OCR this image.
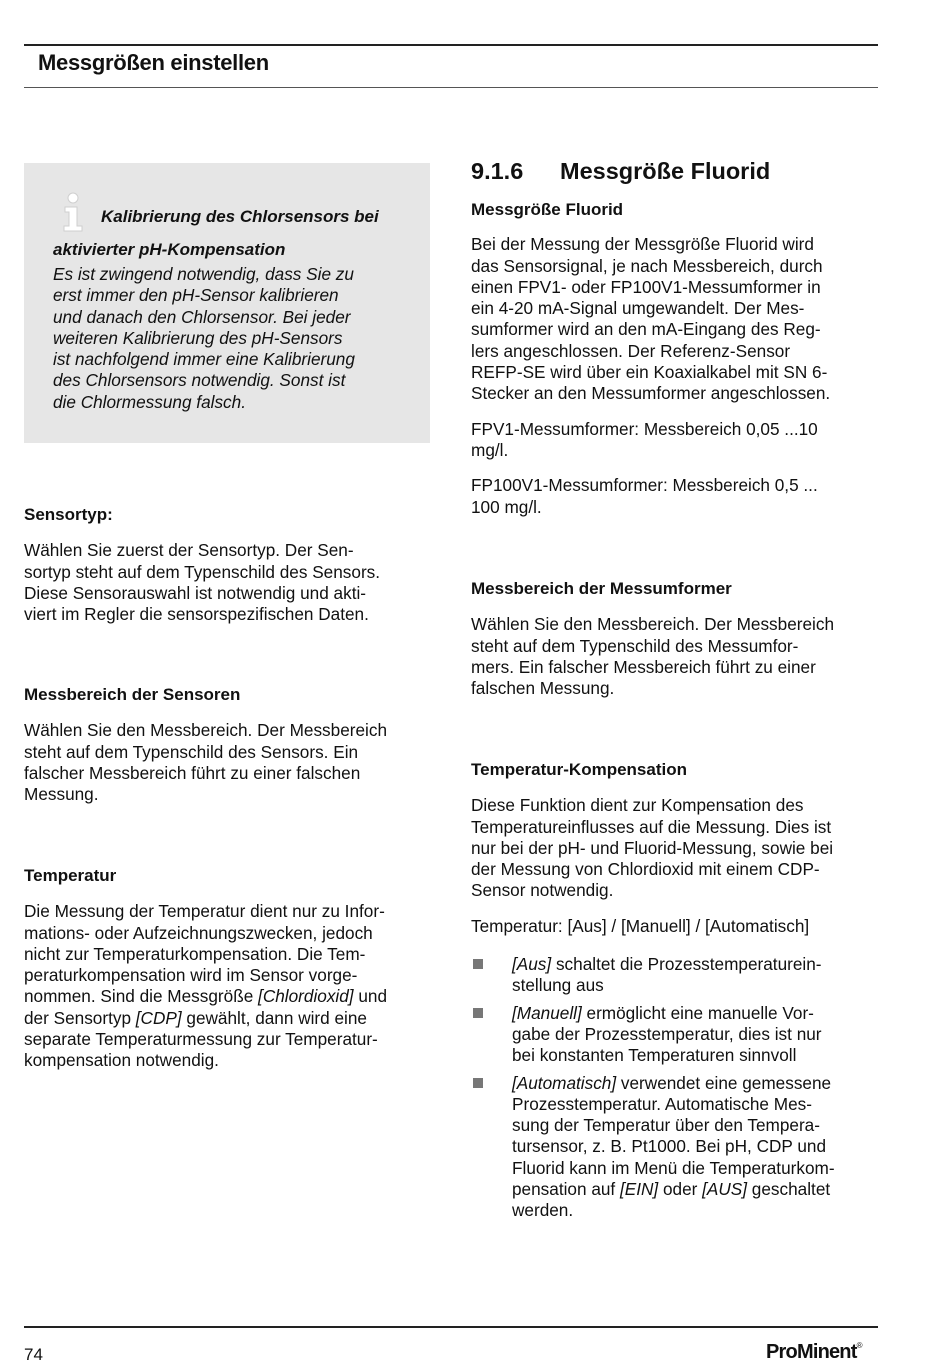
Messgrößen einstellen
Kalibrierung des Chlorsensors bei aktivierter pH-Kompensation
Es ist zwingend notwendig, dass Sie zu
erst immer den pH-Sensor kalibrieren
und danach den Chlorsensor. Bei jeder
weiteren Kalibrierung des pH-Sensors
ist nachfolgend immer eine Kalibrierung
des Chlorsensors notwendig. Sonst ist
die Chlormessung falsch.

Sensortyp:

Wählen Sie zuerst der Sensortyp. Der Sen-
sortyp steht auf dem Typenschild des Sensors.
Diese Sensorauswahl ist notwendig und akti-
viert im Regler die sensorspezifischen Daten.

Messbereich der Sensoren

Wählen Sie den Messbereich. Der Messbereich
steht auf dem Typenschild des Sensors. Ein
falscher Messbereich führt zu einer falschen
Messung.

Temperatur

Die Messung der Temperatur dient nur zu Infor-
mations- oder Aufzeichnungszwecken, jedoch
nicht zur Temperaturkompensation. Die Tem-
peraturkompensation wird im Sensor vorge-
nommen. Sind die Messgröße [Chlordioxid] und
der Sensortyp [CDP] gewählt, dann wird eine
separate Temperaturmessung zur Temperatur-
kompensation notwendig.

9.1.6 Messgröße Fluorid

Messgröße Fluorid

Bei der Messung der Messgröße Fluorid wird
das Sensorsignal, je nach Messbereich, durch
einen FPV1- oder FP100V1-Messumformer in
ein 4-20 mA-Signal umgewandelt. Der Mes-
sumformer wird an den mA-Eingang des Reg-
lers angeschlossen. Der Referenz-Sensor
REFP-SE wird über ein Koaxialkabel mit SN 6-
Stecker an den Messumformer angeschlossen.
FPV1-Messumformer: Messbereich 0,05 ...10
mg/l.
FP100V1-Messumformer: Messbereich 0,5 ...
100 mg/l.

Messbereich der Messumformer

Wählen Sie den Messbereich. Der Messbereich
steht auf dem Typenschild des Messumfor-
mers. Ein falscher Messbereich führt zu einer
falschen Messung.

Temperatur-Kompensation

Diese Funktion dient zur Kompensation des
Temperatureinflusses auf die Messung. Dies ist
nur bei der pH- und Fluorid-Messung, sowie bei
der Messung von Chlordioxid mit einem CDP-
Sensor notwendig.
Temperatur: [Aus] / [Manuell] / [Automatisch]
[Aus] schaltet die Prozesstemperaturein-
stellung aus
[Manuell] ermöglicht eine manuelle Vor-
gabe der Prozesstemperatur, dies ist nur
bei konstanten Temperaturen sinnvoll
[Automatisch] verwendet eine gemessene
Prozesstemperatur. Automatische Mes-
sung der Temperatur über den Tempera-
tursensor, z. B. Pt1000. Bei pH, CDP und
Fluorid kann im Menü die Temperaturkom-
pensation auf [EIN] oder [AUS] geschaltet
werden.
74	ProMinent®
